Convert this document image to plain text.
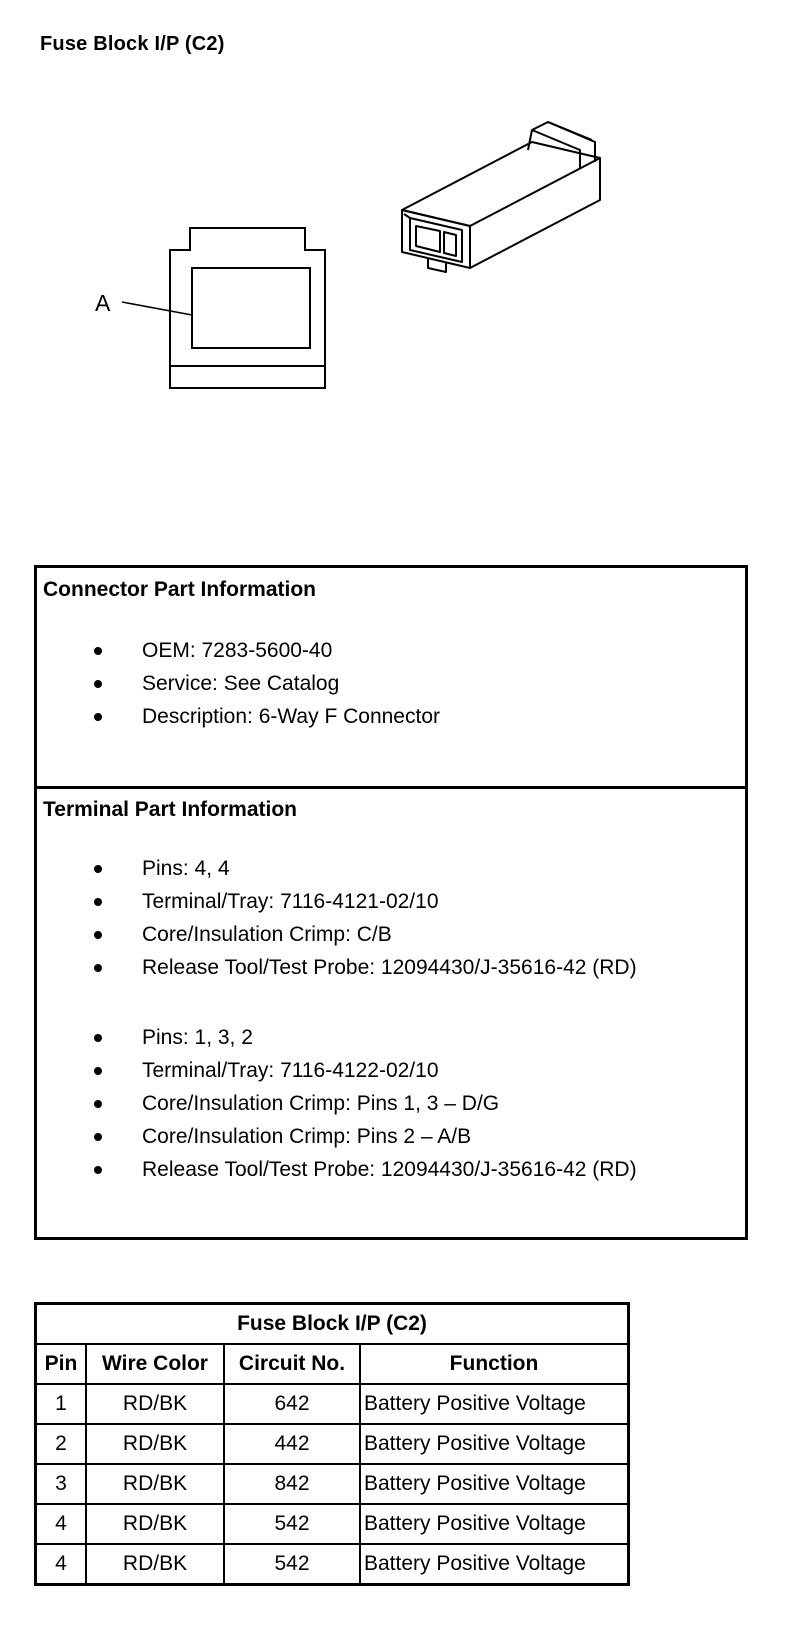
Fuse Block I/P (C2)
A
Connector Part Information
OEM: 7283-5600-40
Service: See Catalog
Description: 6-Way F Connector
Terminal Part Information
Pins: 4, 4
Terminal/Tray: 7116-4121-02/10
Core/Insulation Crimp: C/B
Release Tool/Test Probe: 12094430/J-35616-42 (RD)
Pins: 1, 3, 2
Terminal/Tray: 7116-4122-02/10
Core/Insulation Crimp: Pins 1, 3 – D/G
Core/Insulation Crimp: Pins 2 – A/B
Release Tool/Test Probe: 12094430/J-35616-42 (RD)
Fuse Block I/P (C2)			
Pin	Wire Color	Circuit No.	Function
1	RD/BK	642	Battery Positive Voltage
2	RD/BK	442	Battery Positive Voltage
3	RD/BK	842	Battery Positive Voltage
4	RD/BK	542	Battery Positive Voltage
4	RD/BK	542	Battery Positive Voltage
